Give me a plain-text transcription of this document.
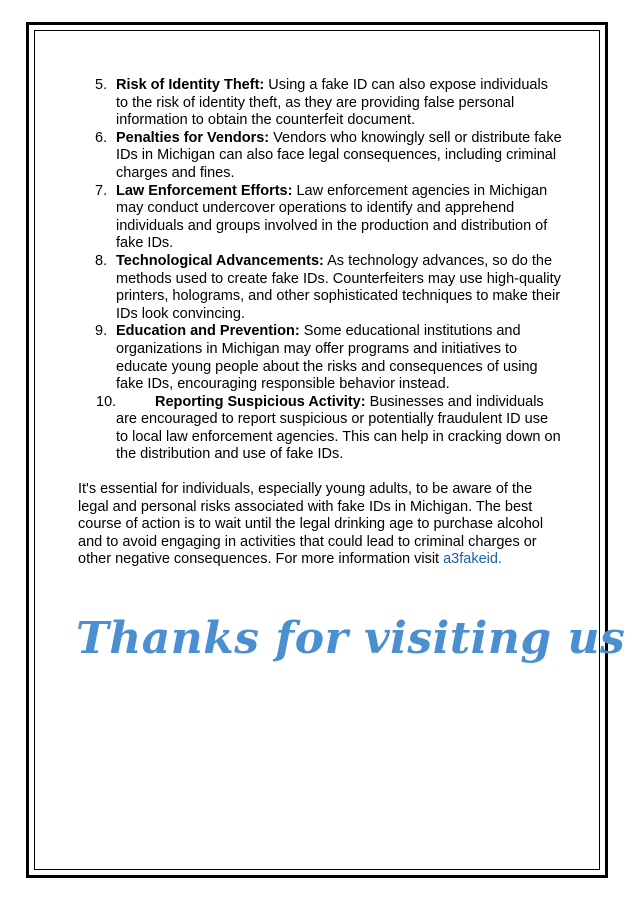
5. Risk of Identity Theft: Using a fake ID can also expose individuals to the risk of identity theft, as they are providing false personal information to obtain the counterfeit document.
6. Penalties for Vendors: Vendors who knowingly sell or distribute fake IDs in Michigan can also face legal consequences, including criminal charges and fines.
7. Law Enforcement Efforts: Law enforcement agencies in Michigan may conduct undercover operations to identify and apprehend individuals and groups involved in the production and distribution of fake IDs.
8. Technological Advancements: As technology advances, so do the methods used to create fake IDs. Counterfeiters may use high-quality printers, holograms, and other sophisticated techniques to make their IDs look convincing.
9. Education and Prevention: Some educational institutions and organizations in Michigan may offer programs and initiatives to educate young people about the risks and consequences of using fake IDs, encouraging responsible behavior instead.
10.	Reporting Suspicious Activity: Businesses and individuals are encouraged to report suspicious or potentially fraudulent ID use to local law enforcement agencies. This can help in cracking down on the distribution and use of fake IDs.

It's essential for individuals, especially young adults, to be aware of the legal and personal risks associated with fake IDs in Michigan. The best course of action is to wait until the legal drinking age to purchase alcohol and to avoid engaging in activities that could lead to criminal charges or other negative consequences. For more information visit a3fakeid.

Thanks for visiting us
